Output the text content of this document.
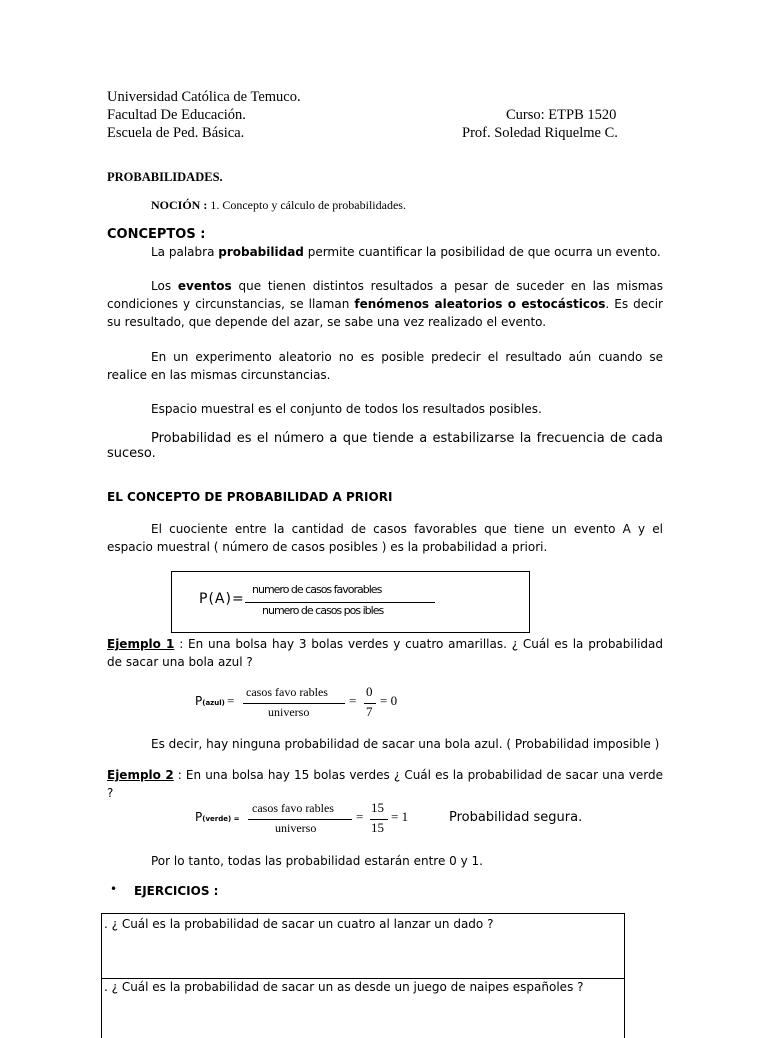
Universidad Católica de Temuco.
Facultad De Educación.
Escuela de Ped. Básica.
Curso: ETPB 1520
Prof. Soledad Riquelme C.
PROBABILIDADES.
NOCIÓN : 1. Concepto y cálculo de probabilidades.
CONCEPTOS :
La palabra probabilidad permite cuantificar la posibilidad de que ocurra un evento.
Los eventos que tienen distintos resultados a pesar de suceder en las mismas condiciones y circunstancias, se llaman fenómenos aleatorios o estocásticos. Es decir su resultado, que depende del azar, se sabe una vez realizado el evento.
En un experimento aleatorio no es posible predecir el resultado aún cuando se realice en las mismas circunstancias.
Espacio muestral es el conjunto de todos los resultados posibles.
Probabilidad es el número a que tiende a estabilizarse la frecuencia de cada suceso.
EL CONCEPTO DE PROBABILIDAD A PRIORI
El cuociente entre la cantidad de casos favorables que tiene un evento A y el espacio muestral ( número de casos posibles ) es la probabilidad a priori.
P(A)=
numero de casos favorables
numero de casos pos ibles
Ejemplo 1 : En una bolsa hay 3 bolas verdes y cuatro amarillas. ¿ Cuál es la probabilidad de sacar una bola azul ?
P(azul) =
casos favo rables
universo
=
0
7
= 0
Es decir, hay ninguna probabilidad de sacar una bola azul. ( Probabilidad imposible )
Ejemplo 2 : En una bolsa hay 15 bolas verdes ¿ Cuál es la probabilidad de sacar una verde ?
P(verde) =
casos favo rables
universo
=
15
15
= 1	Probabilidad segura.
Por lo tanto, todas las probabilidad estarán entre 0 y 1.
• EJERCICIOS :
. ¿ Cuál es la probabilidad de sacar un cuatro al lanzar un dado ?
. ¿ Cuál es la probabilidad de sacar un as desde un juego de naipes españoles ?
